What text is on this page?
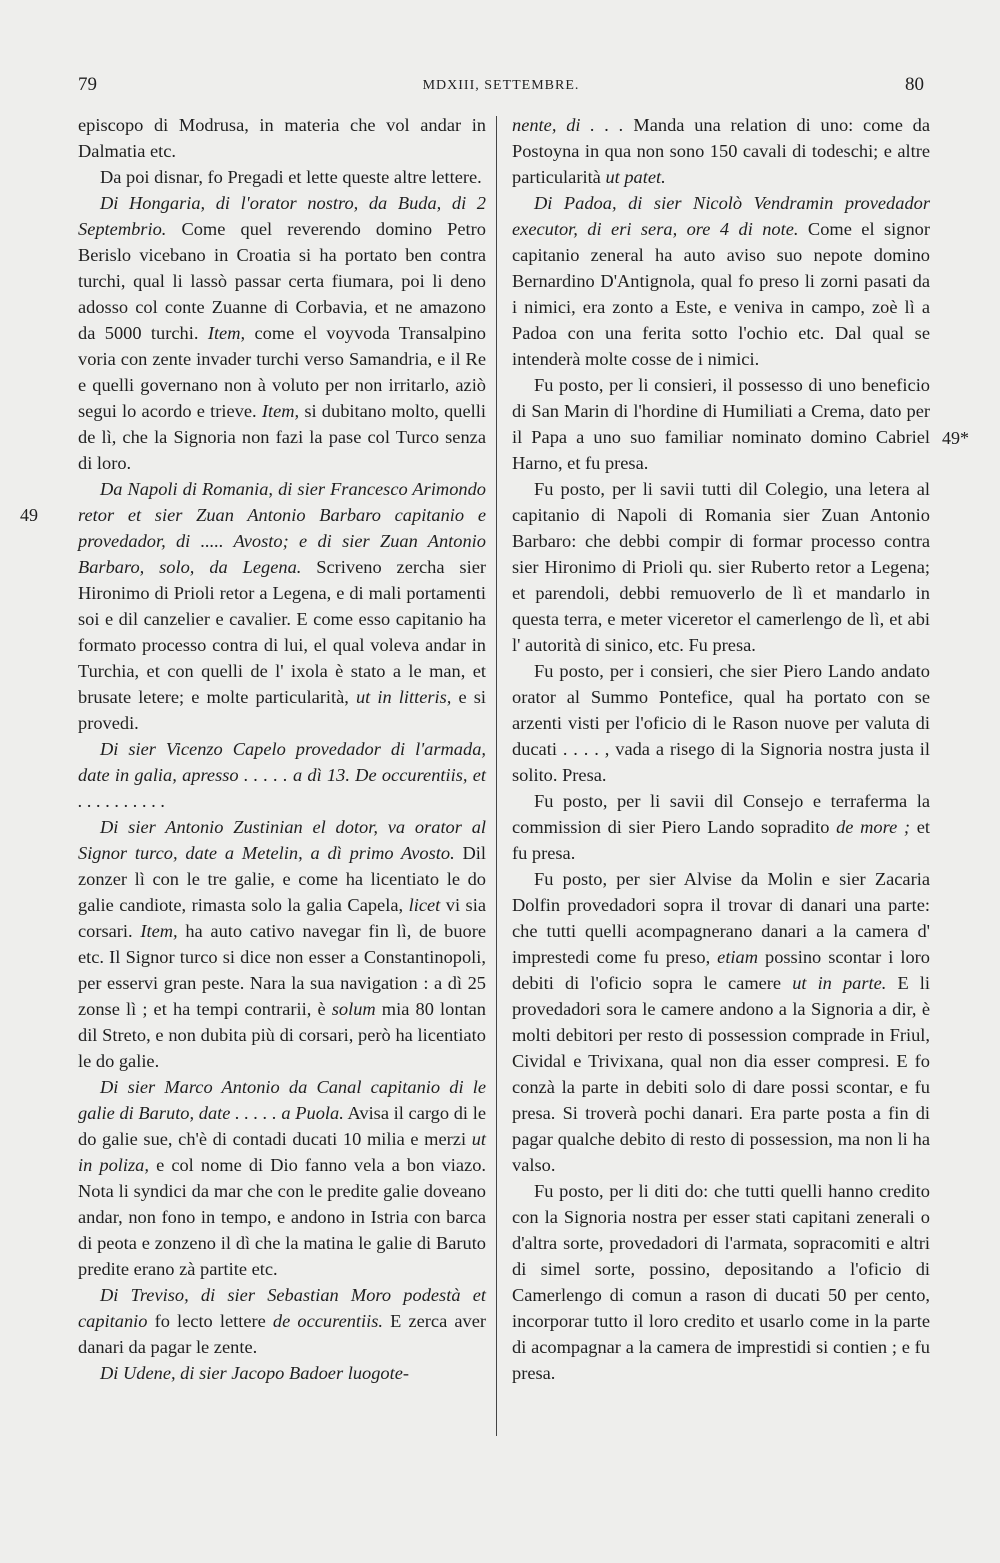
79	MDXIII, SETTEMBRE.	80
49
49*

episcopo di Modrusa, in materia che vol andar in Dalmatia etc.

Da poi disnar, fo Pregadi et lette queste altre lettere.

Di Hongaria, di l'orator nostro, da Buda, di 2 Septembrio. Come quel reverendo domino Petro Berislo vicebano in Croatia si ha portato ben contra turchi, qual li lassò passar certa fiumara, poi li deno adosso col conte Zuanne di Corbavia, et ne amazono da 5000 turchi. Item, come el voyvoda Transalpino voria con zente invader turchi verso Samandria, e il Re e quelli governano non à voluto per non irritarlo, aziò segui lo acordo e trieve. Item, si dubitano molto, quelli de lì, che la Signoria non fazi la pase col Turco senza di loro.

Da Napoli di Romania, di sier Francesco Arimondo retor et sier Zuan Antonio Barbaro capitanio e provedador, di ..... Avosto; e di sier Zuan Antonio Barbaro, solo, da Legena. Scriveno zercha sier Hironimo di Prioli retor a Legena, e di mali portamenti soi e dil canzelier e cavalier. E come esso capitanio ha formato processo contra di lui, el qual voleva andar in Turchia, et con quelli de l' ixola è stato a le man, et brusate letere; e molte particularità, ut in litteris, e si provedi.

Di sier Vicenzo Capelo provedador di l'armada, date in galia, apresso . . . . . a dì 13. De occurentiis, et . . . . . . . . . .

Di sier Antonio Zustinian el dotor, va orator al Signor turco, date a Metelin, a dì primo Avosto. Dil zonzer lì con le tre galie, e come ha licentiato le do galie candiote, rimasta solo la galia Capela, licet vi sia corsari. Item, ha auto cativo navegar fin lì, de buore etc. Il Signor turco si dice non esser a Constantinopoli, per esservi gran peste. Nara la sua navigation : a dì 25 zonse lì ; et ha tempi contrarii, è solum mia 80 lontan dil Streto, e non dubita più di corsari, però ha licentiato le do galie.

Di sier Marco Antonio da Canal capitanio di le galie di Baruto, date . . . . . a Puola. Avisa il cargo di le do galie sue, ch'è di contadi ducati 10 milia e merzi ut in poliza, e col nome di Dio fanno vela a bon viazo. Nota li syndici da mar che con le predite galie doveano andar, non fono in tempo, e andono in Istria con barca di peota e zonzeno il dì che la matina le galie di Baruto predite erano zà partite etc.

Di Treviso, di sier Sebastian Moro podestà et capitanio fo lecto lettere de occurentiis. E zerca aver danari da pagar le zente.

Di Udene, di sier Jacopo Badoer luogote-

nente, di . . . Manda una relation di uno: come da Postoyna in qua non sono 150 cavali di todeschi; e altre particularità ut patet.

Di Padoa, di sier Nicolò Vendramin provedador executor, di eri sera, ore 4 di note. Come el signor capitanio zeneral ha auto aviso suo nepote domino Bernardino D'Antignola, qual fo preso li zorni pasati da i nimici, era zonto a Este, e veniva in campo, zoè lì a Padoa con una ferita sotto l'ochio etc. Dal qual se intenderà molte cosse de i nimici.

Fu posto, per li consieri, il possesso di uno beneficio di San Marin di l'hordine di Humiliati a Crema, dato per il Papa a uno suo familiar nominato domino Cabriel Harno, et fu presa.

Fu posto, per li savii tutti dil Colegio, una letera al capitanio di Napoli di Romania sier Zuan Antonio Barbaro: che debbi compir di formar processo contra sier Hironimo di Prioli qu. sier Ruberto retor a Legena; et parendoli, debbi remuoverlo de lì et mandarlo in questa terra, e meter viceretor el camerlengo de lì, et abi l' autorità di sinico, etc. Fu presa.

Fu posto, per i consieri, che sier Piero Lando andato orator al Summo Pontefice, qual ha portato con se arzenti visti per l'oficio di le Rason nuove per valuta di ducati . . . . , vada a risego di la Signoria nostra justa il solito. Presa.

Fu posto, per li savii dil Consejo e terraferma la commission di sier Piero Lando sopradito de more ; et fu presa.

Fu posto, per sier Alvise da Molin e sier Zacaria Dolfin provedadori sopra il trovar di danari una parte: che tutti quelli acompagnerano danari a la camera d' imprestedi come fu preso, etiam possino scontar i loro debiti di l'oficio sopra le camere ut in parte. E li provedadori sora le camere andono a la Signoria a dir, è molti debitori per resto di possession comprade in Friul, Cividal e Trivixana, qual non dia esser compresi. E fo conzà la parte in debiti solo di dare possi scontar, e fu presa. Si troverà pochi danari. Era parte posta a fin di pagar qualche debito di resto di possession, ma non li ha valso.

Fu posto, per li diti do: che tutti quelli hanno credito con la Signoria nostra per esser stati capitani zenerali o d'altra sorte, provedadori di l'armata, sopracomiti e altri di simel sorte, possino, depositando a l'oficio di Camerlengo di comun a rason di ducati 50 per cento, incorporar tutto il loro credito et usarlo come in la parte di acompagnar a la camera de imprestidi si contien ; e fu presa.
